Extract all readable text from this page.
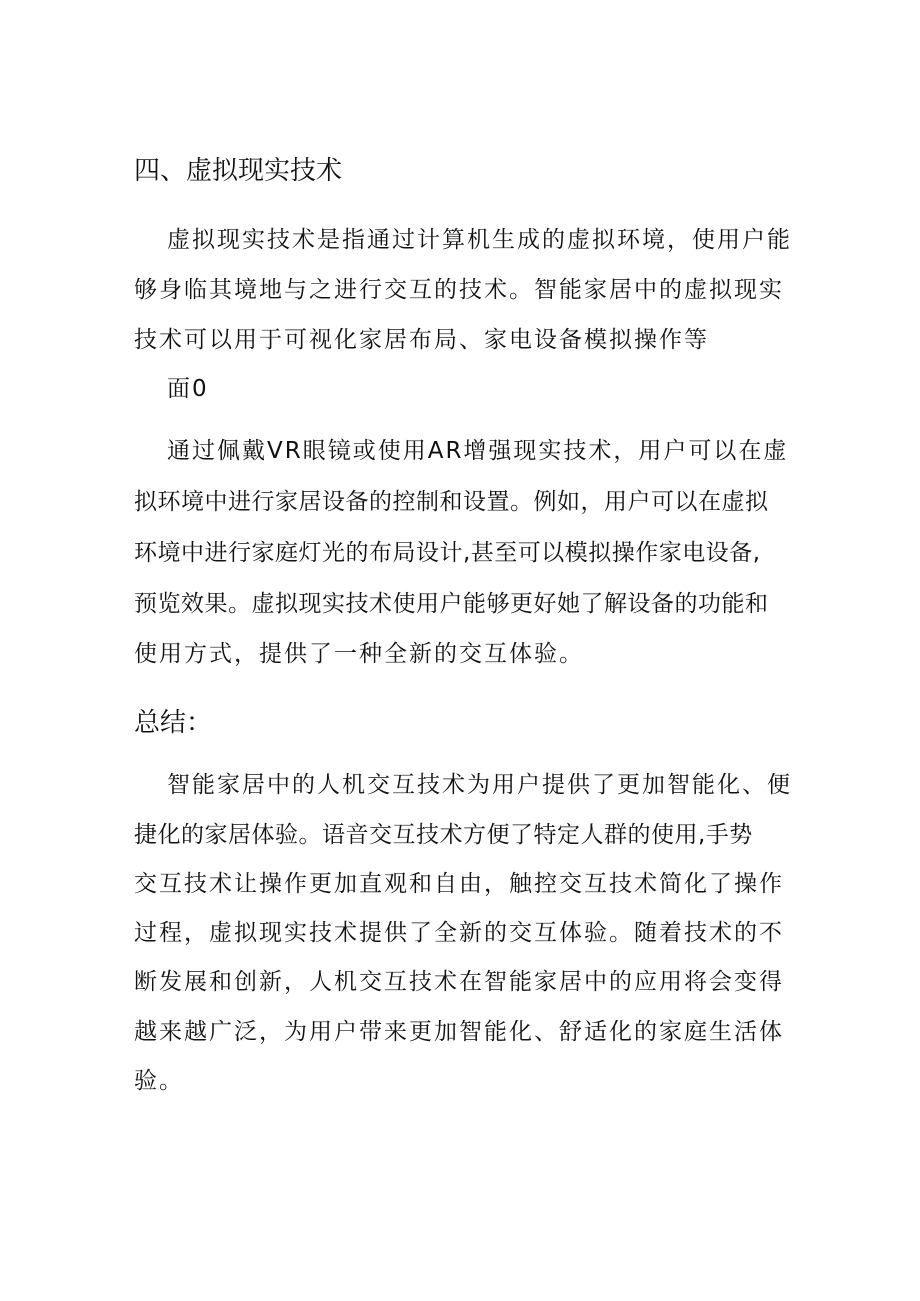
四、虚拟现实技术

虚拟现实技术是指通过计算机生成的虚拟环境，使用户能

够身临其境地与之进行交互的技术。智能家居中的虚拟现实

技术可以用于可视化家居布局、家电设备模拟操作等

面0

通过佩戴VR眼镜或使用AR增强现实技术，用户可以在虚

拟环境中进行家居设备的控制和设置。例如，用户可以在虚拟

环境中进行家庭灯光的布局设计,甚至可以模拟操作家电设备,

预览效果。虚拟现实技术使用户能够更好她了解设备的功能和

使用方式，提供了一种全新的交互体验。

总结：

智能家居中的人机交互技术为用户提供了更加智能化、便

捷化的家居体验。语音交互技术方便了特定人群的使用,手势

交互技术让操作更加直观和自由，触控交互技术简化了操作

过程，虚拟现实技术提供了全新的交互体验。随着技术的不

断发展和创新，人机交互技术在智能家居中的应用将会变得

越来越广泛，为用户带来更加智能化、舒适化的家庭生活体

验。
